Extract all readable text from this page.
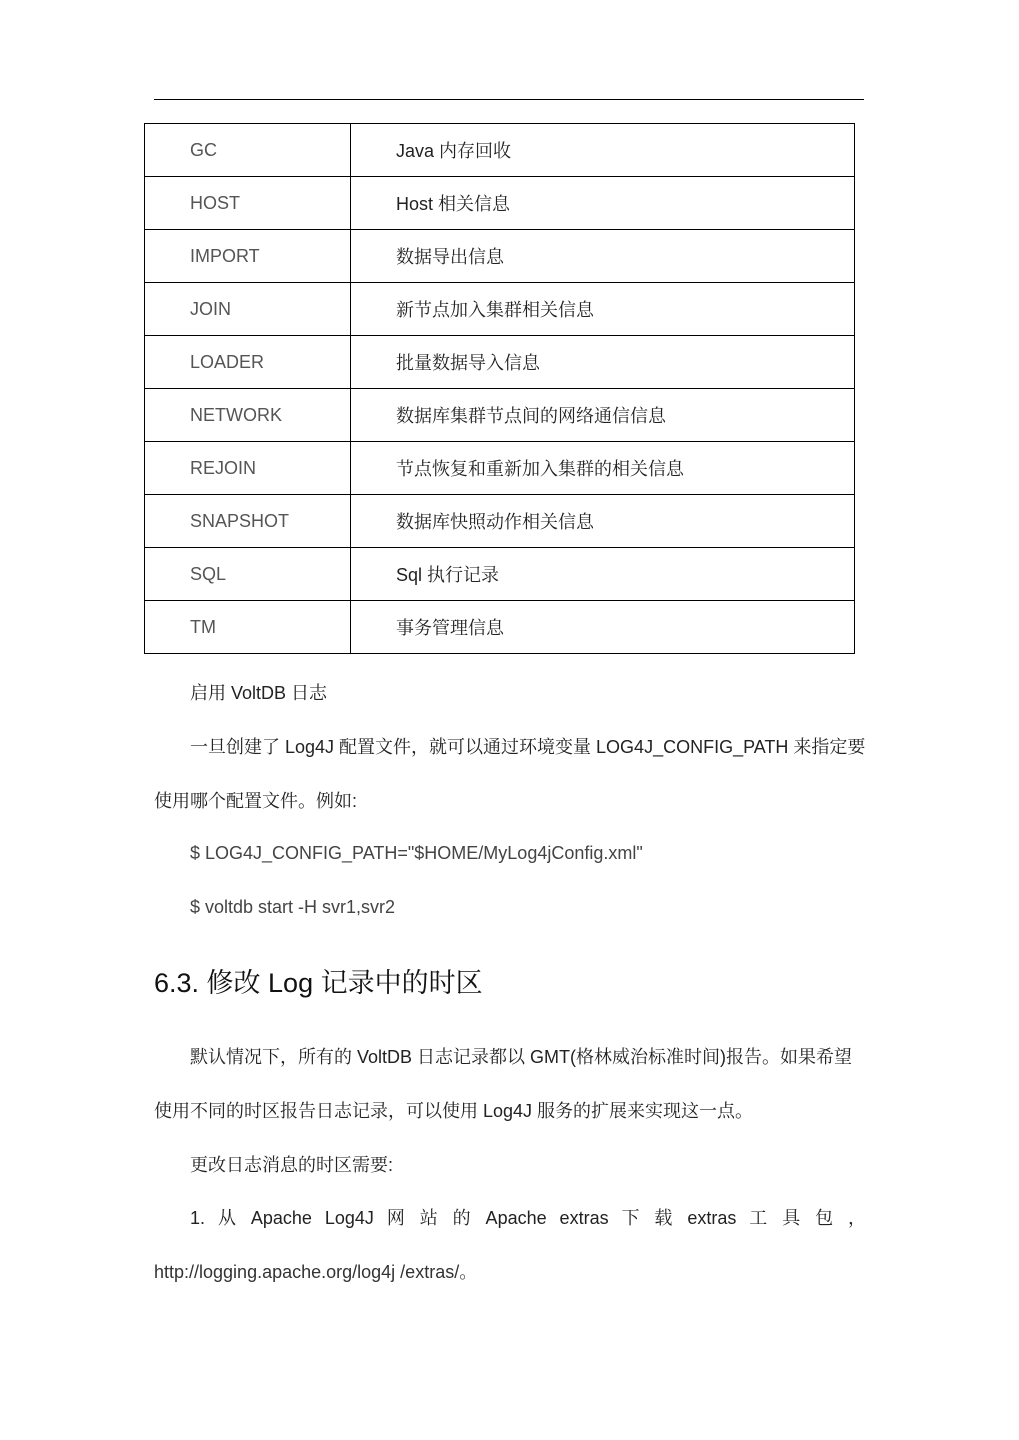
GC	Java 内存回收
HOST	Host 相关信息
IMPORT	数据导出信息
JOIN	新节点加入集群相关信息
LOADER	批量数据导入信息
NETWORK	数据库集群节点间的网络通信信息
REJOIN	节点恢复和重新加入集群的相关信息
SNAPSHOT	数据库快照动作相关信息
SQL	Sql 执行记录
TM	事务管理信息

启用 VoltDB 日志

一旦创建了 Log4J 配置文件，就可以通过环境变量 LOG4J_CONFIG_PATH 来指定要使用哪个配置文件。例如:

$ LOG4J_CONFIG_PATH="$HOME/MyLog4jConfig.xml"

$ voltdb start -H svr1,svr2

6.3. 修改 Log 记录中的时区

默认情况下，所有的 VoltDB 日志记录都以 GMT(格林威治标准时间)报告。如果希望使用不同的时区报告日志记录，可以使用 Log4J 服务的扩展来实现这一点。

更改日志消息的时区需要:

1. 从 Apache Log4J 网 站 的 Apache extras 下 载 extras 工 具 包 ，

http://logging.apache.org/log4j /extras/。
